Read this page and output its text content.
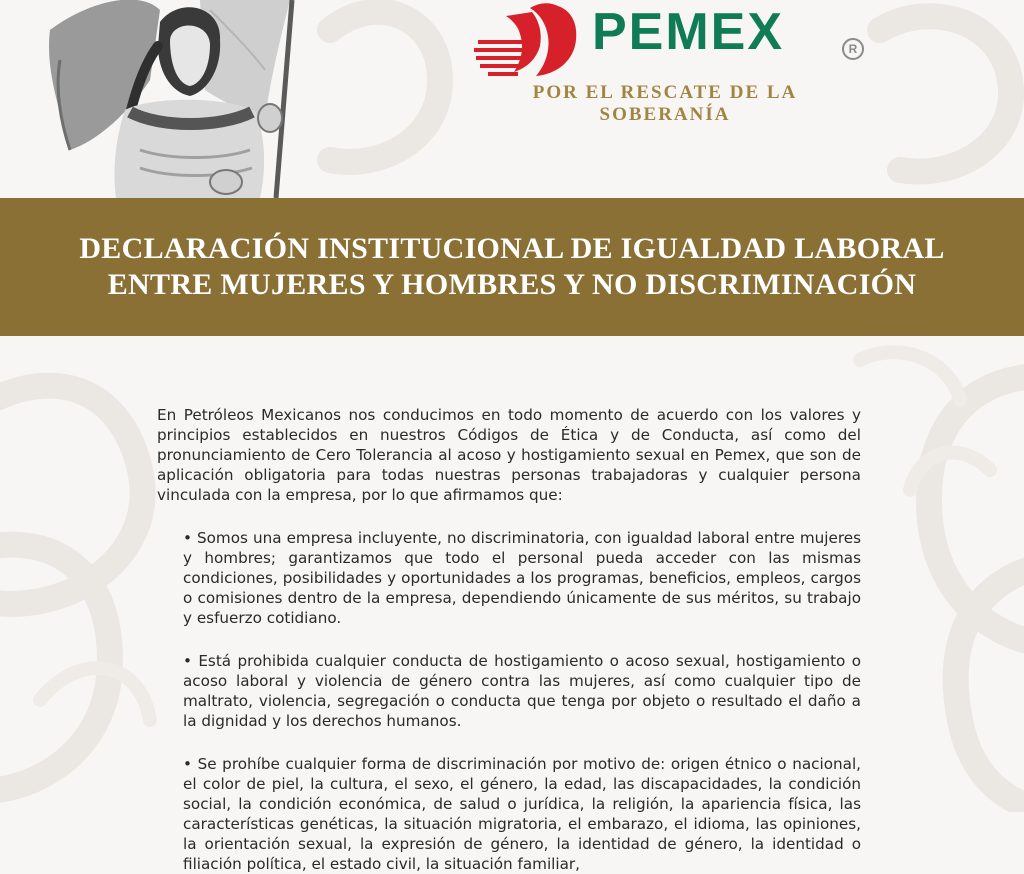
PEMEX	R
POR EL RESCATE DE LA SOBERANÍA
DECLARACIÓN INSTITUCIONAL DE IGUALDAD LABORAL
ENTRE MUJERES Y HOMBRES Y NO DISCRIMINACIÓN

En Petróleos Mexicanos nos conducimos en todo momento de acuerdo con los valores y principios establecidos en nuestros Códigos de Ética y de Conducta, así como del pronunciamiento de Cero Tolerancia al acoso y hostigamiento sexual en Pemex, que son de aplicación obligatoria para todas nuestras personas trabajadoras y cualquier persona vinculada con la empresa, por lo que afirmamos que:

• Somos una empresa incluyente, no discriminatoria, con igualdad laboral entre mujeres y hombres; garantizamos que todo el personal pueda acceder con las mismas condiciones, posibilidades y oportunidades a los programas, beneficios, empleos, cargos o comisiones dentro de la empresa, dependiendo únicamente de sus méritos, su trabajo y esfuerzo cotidiano.
• Está prohibida cualquier conducta de hostigamiento o acoso sexual, hostigamiento o acoso laboral y violencia de género contra las mujeres, así como cualquier tipo de maltrato, violencia, segregación o conducta que tenga por objeto o resultado el daño a la dignidad y los derechos humanos.
• Se prohíbe cualquier forma de discriminación por motivo de: origen étnico o nacional, el color de piel, la cultura, el sexo, el género, la edad, las discapacidades, la condición social, la condición económica, de salud o jurídica, la religión, la apariencia física, las características genéticas, la situación migratoria, el embarazo, el idioma, las opiniones, la orientación sexual, la expresión de género, la identidad de género, la identidad o filiación política, el estado civil, la situación familiar,
